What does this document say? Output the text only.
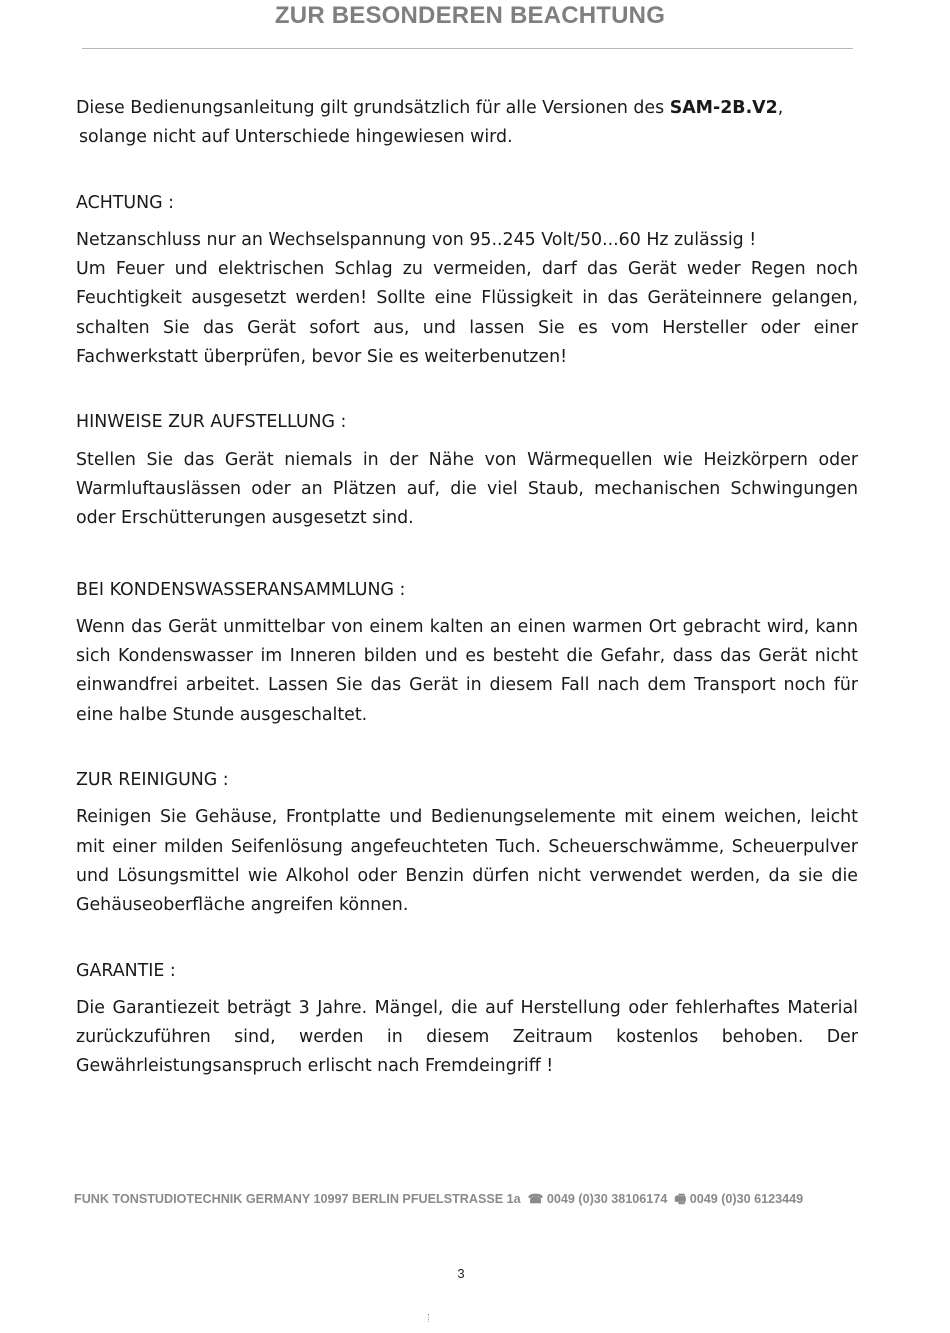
ZUR BESONDEREN BEACHTUNG

Diese Bedienungsanleitung gilt grundsätzlich für alle Versionen des SAM-2B.V2,

solange nicht auf Unterschiede hingewiesen wird.

ACHTUNG :

Netzanschluss nur an Wechselspannung von 95..245 Volt/50...60 Hz zulässig !

Um Feuer und elektrischen Schlag zu vermeiden, darf das Gerät weder Regen noch Feuchtigkeit ausgesetzt werden! Sollte eine Flüssigkeit in das Geräteinnere gelangen, schalten Sie das Gerät sofort aus, und lassen Sie es vom Hersteller oder einer Fachwerkstatt überprüfen, bevor Sie es weiterbenutzen!

HINWEISE ZUR AUFSTELLUNG :

Stellen Sie das Gerät niemals in der Nähe von Wärmequellen wie Heizkörpern oder Warmluftauslässen oder an Plätzen auf, die viel Staub, mechanischen Schwingungen oder Erschütterungen ausgesetzt sind.

BEI KONDENSWASSERANSAMMLUNG :

Wenn das Gerät unmittelbar von einem kalten an einen warmen Ort gebracht wird, kann sich Kondenswasser im Inneren bilden und es besteht die Gefahr, dass das Gerät nicht einwandfrei arbeitet. Lassen Sie das Gerät in diesem Fall nach dem Transport noch für eine halbe Stunde ausgeschaltet.

ZUR REINIGUNG :

Reinigen Sie Gehäuse, Frontplatte und Bedienungselemente mit einem weichen, leicht mit einer milden Seifenlösung angefeuchteten Tuch. Scheuerschwämme, Scheuerpulver und Lösungsmittel wie Alkohol oder Benzin dürfen nicht verwendet werden, da sie die Gehäuseoberfläche angreifen können.

GARANTIE :

Die Garantiezeit beträgt 3 Jahre. Mängel, die auf Herstellung oder fehlerhaftes Material zurückzuführen sind, werden in diesem Zeitraum kostenlos behoben. Der Gewährleistungsanspruch erlischt nach Fremdeingriff !

FUNK TONSTUDIOTECHNIK GERMANY 10997 BERLIN PFUELSTRASSE 1a ☎ 0049 (0)30 38106174 🖷 0049 (0)30 6123449
3
